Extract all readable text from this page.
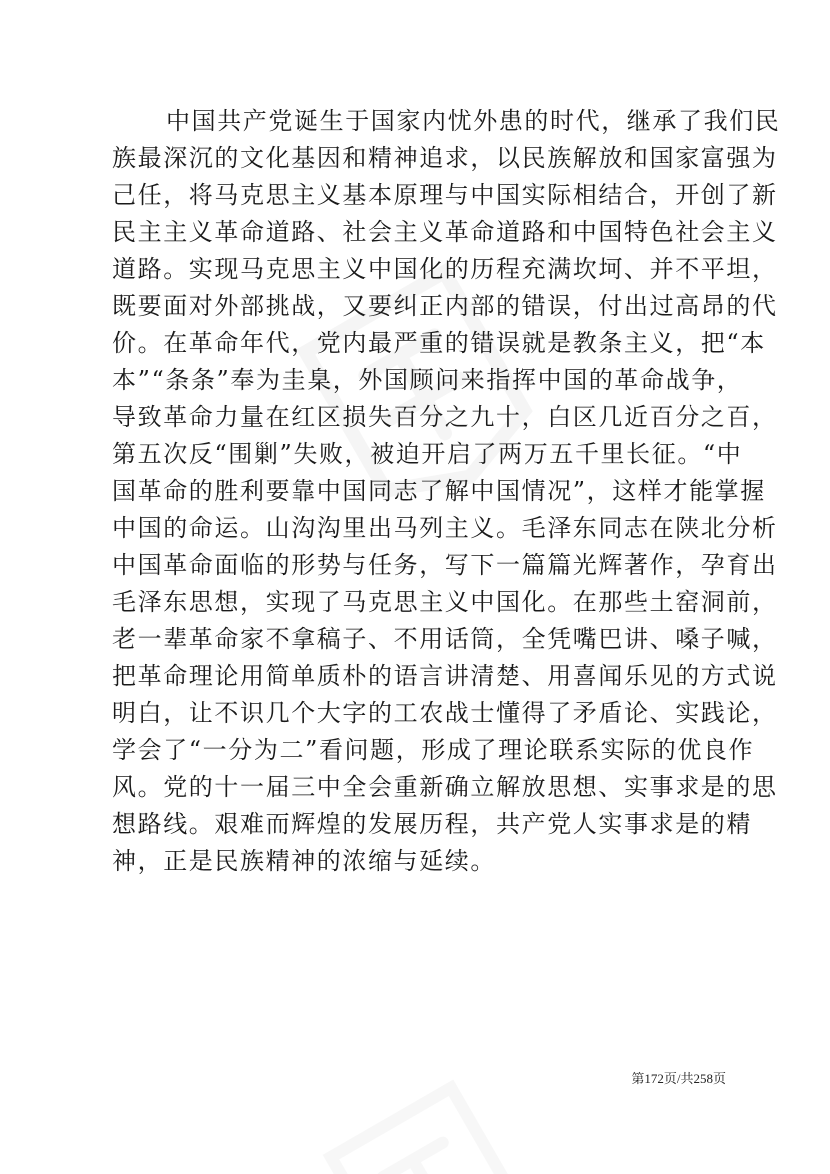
中国共产党诞生于国家内忧外患的时代，继承了我们民
族最深沉的文化基因和精神追求，以民族解放和国家富强为
己任，将马克思主义基本原理与中国实际相结合，开创了新
民主主义革命道路、社会主义革命道路和中国特色社会主义
道路。实现马克思主义中国化的历程充满坎坷、并不平坦，
既要面对外部挑战，又要纠正内部的错误，付出过高昂的代
价。在革命年代，党内最严重的错误就是教条主义，把“本
本”“条条”奉为圭臬，外国顾问来指挥中国的革命战争，
导致革命力量在红区损失百分之九十，白区几近百分之百，
第五次反“围剿”失败，被迫开启了两万五千里长征。“中
国革命的胜利要靠中国同志了解中国情况”，这样才能掌握
中国的命运。山沟沟里出马列主义。毛泽东同志在陕北分析
中国革命面临的形势与任务，写下一篇篇光辉著作，孕育出
毛泽东思想，实现了马克思主义中国化。在那些土窑洞前，
老一辈革命家不拿稿子、不用话筒，全凭嘴巴讲、嗓子喊，
把革命理论用简单质朴的语言讲清楚、用喜闻乐见的方式说
明白，让不识几个大字的工农战士懂得了矛盾论、实践论，
学会了“一分为二”看问题，形成了理论联系实际的优良作
风。党的十一届三中全会重新确立解放思想、实事求是的思
想路线。艰难而辉煌的发展历程，共产党人实事求是的精
神，正是民族精神的浓缩与延续。
第172页/共258页
